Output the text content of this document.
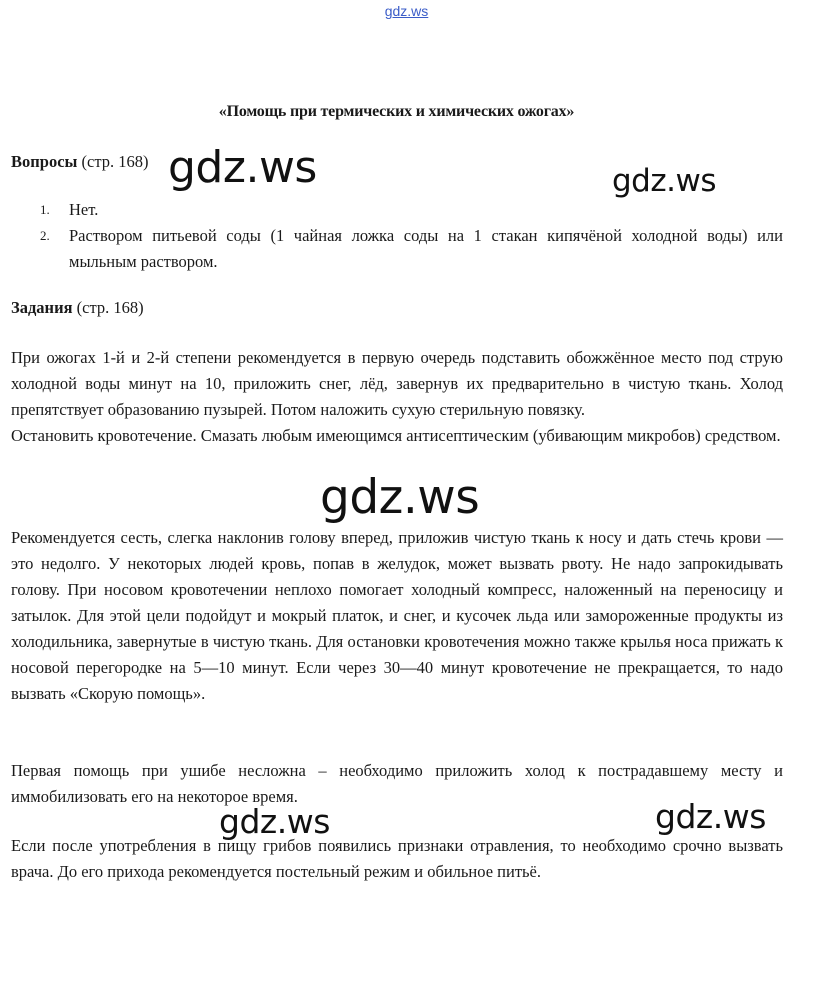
gdz.ws
«Помощь при термических и химических ожогах»
Вопросы (стр. 168)
1. Нет.
2. Раствором питьевой соды (1 чайная ложка соды на 1 стакан кипячёной холодной воды) или мыльным раствором.
Задания (стр. 168)

При ожогах 1-й и 2-й степени рекомендуется в первую очередь подставить обожжённое место под струю холодной воды минут на 10, приложить снег, лёд, завернув их предварительно в чистую ткань. Холод препятствует образованию пузырей. Потом наложить сухую стерильную повязку.

Остановить кровотечение. Смазать любым имеющимся антисептическим (убивающим микробов) средством.

Рекомендуется сесть, слегка наклонив голову вперед, приложив чистую ткань к носу и дать стечь крови — это недолго. У некоторых людей кровь, попав в желудок, может вызвать рвоту. Не надо запрокидывать голову. При носовом кровотечении неплохо помогает холодный компресс, наложенный на переносицу и затылок. Для этой цели подойдут и мокрый платок, и снег, и кусочек льда или замороженные продукты из холодильника, завернутые в чистую ткань. Для остановки кровотечения можно также крылья носа прижать к носовой перегородке на 5—10 минут. Если через 30—40 минут кровотечение не прекращается, то надо вызвать «Скорую помощь».

Первая помощь при ушибе несложна – необходимо приложить холод к пострадавшему месту и иммобилизовать его на некоторое время.

Если после употребления в пищу грибов появились признаки отравления, то необходимо срочно вызвать врача. До его прихода рекомендуется постельный режим и обильное питьё.

gdz.ws	gdz.ws
gdz.ws
gdz.ws
gdz.ws
